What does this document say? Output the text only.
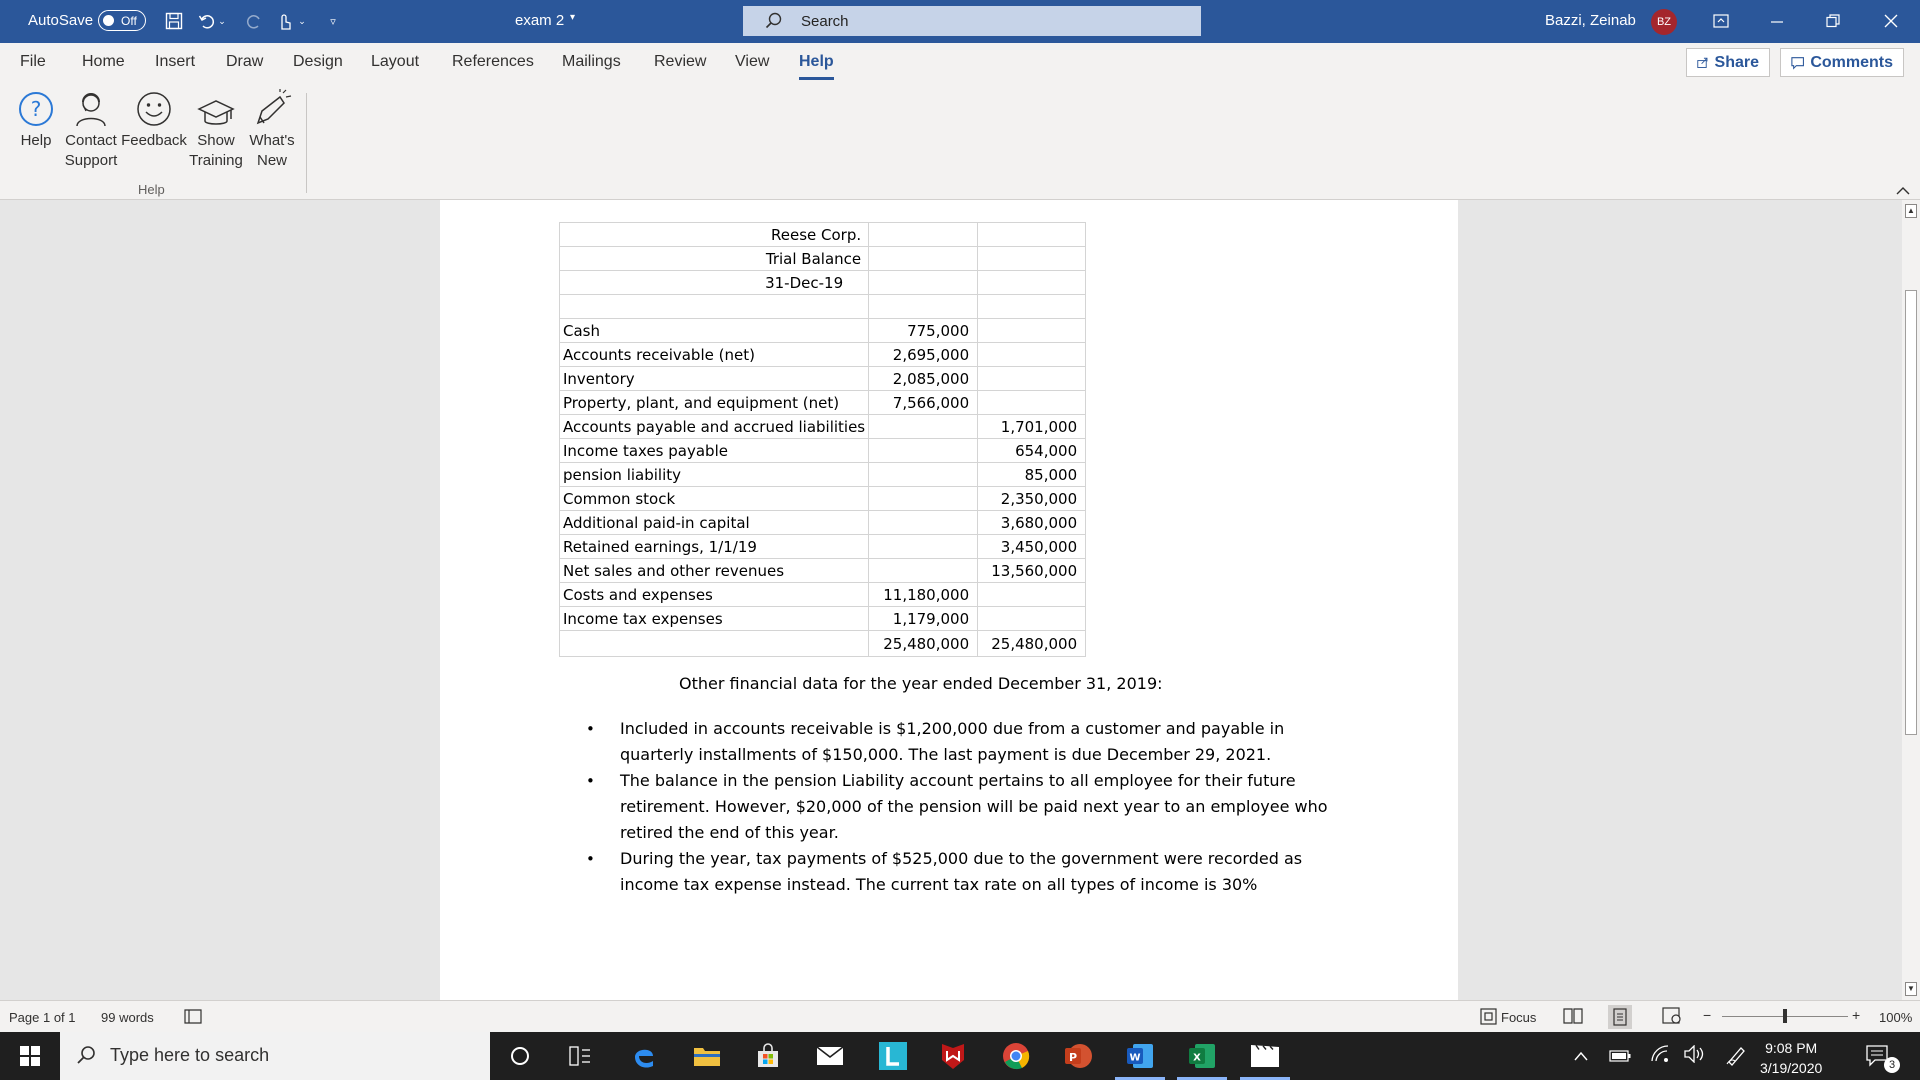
AutoSave Off	⌄	⌄	▿	exam 2 ▾	Search	Bazzi, Zeinab	BZ
File Home Insert Draw Design Layout References Mailings Review View Help	Share	Comments
?
Help Contact
Support
Feedback Show
Training
What's
New
Help
Reese Corp.		
Trial Balance		
31-Dec-19		

Cash	775,000	
Accounts receivable (net)	2,695,000	
Inventory	2,085,000	
Property, plant, and equipment (net)	7,566,000	
Accounts payable and accrued liabilities		1,701,000
Income taxes payable		654,000
pension liability		85,000
Common stock		2,350,000
Additional paid-in capital		3,680,000
Retained earnings, 1/1/19		3,450,000
Net sales and other revenues		13,560,000
Costs and expenses	11,180,000	
Income tax expenses	1,179,000	
	25,480,000	25,480,000
Other financial data for the year ended December 31, 2019:
• Included in accounts receivable is $1,200,000 due from a customer and payable in quarterly installments of $150,000. The last payment is due December 29, 2021.
• The balance in the pension Liability account pertains to all employee for their future retirement. However, $20,000 of the pension will be paid next year to an employee who retired the end of this year.
• During the year, tax payments of $525,000 due to the government were recorded as income tax expense instead. The current tax rate on all types of income is 30%
▲
▼
Page 1 of 1 99 words	Focus	−	+ 100%
Type here to search	P	W	X
9:08 PM
3/19/2020	3
